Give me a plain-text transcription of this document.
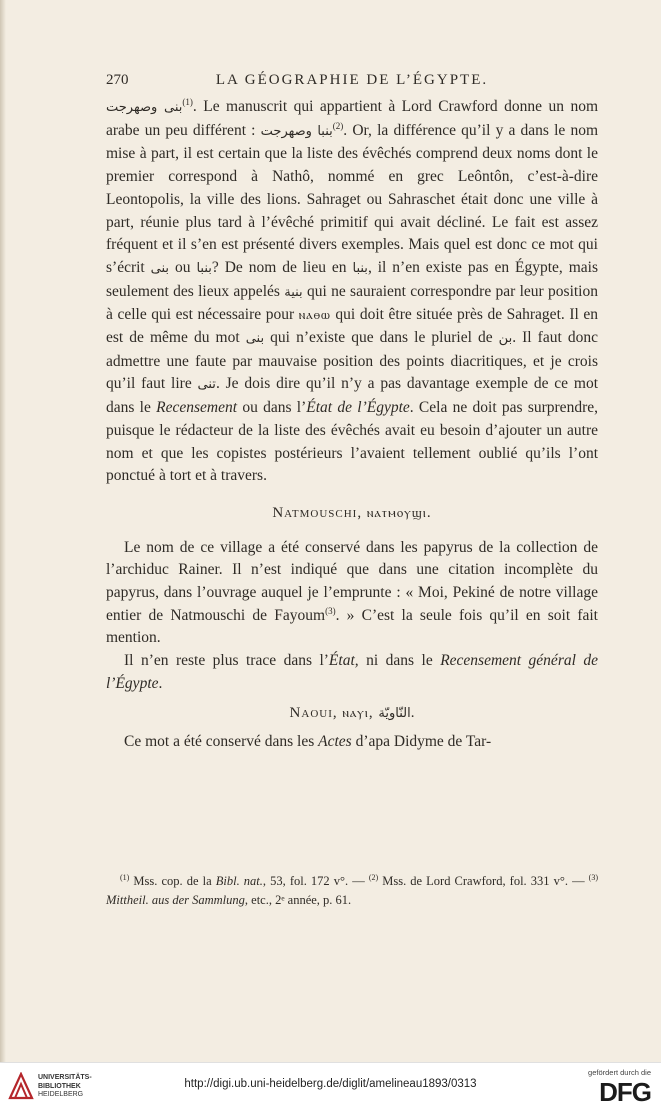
270	LA GÉOGRAPHIE DE L’ÉGYPTE.

بنى وصهرجت$^{(1)}$. Le manuscrit qui appartient à Lord Crawford donne un nom arabe un peu différent : بنبا وصهرجت$^{(2)}$. Or, la différence qu’il y a dans le nom mise à part, il est certain que la liste des évêchés comprend deux noms dont le premier correspond à Nathô, nommé en grec Leôntôn, c’est-à-dire Leontopolis, la ville des lions. Sahraget ou Sahraschet était donc une ville à part, réunie plus tard à l’évêché primitif qui avait décliné. Le fait est assez fréquent et il s’en est présenté divers exemples. Mais quel est donc ce mot qui s’écrit بنى ou بنبا? De nom de lieu en بنبا, il n’en existe pas en Égypte, mais seulement des lieux appelés بنية qui ne sauraient correspondre par leur position à celle qui est nécessaire pour ⲛⲁⲑⲱ qui doit être située près de Sahraget. Il en est de même du mot بنى qui n’existe que dans le pluriel de بن. Il faut donc admettre une faute par mauvaise position des points diacritiques, et je crois qu’il faut lire تنى. Je dois dire qu’il n’y a pas davantage exemple de ce mot dans le Recensement ou dans l’État de l’Égypte. Cela ne doit pas surprendre, puisque le rédacteur de la liste des évêchés avait eu besoin d’ajouter un autre nom et que les copistes postérieurs l’avaient tellement oublié qu’ils l’ont ponctué à tort et à travers.

Natmouschi, ⲛⲁⲧⲙⲟⲩϣⲓ.

Le nom de ce village a été conservé dans les papyrus de la collection de l’archiduc Rainer. Il n’est indiqué que dans une citation incomplète du papyrus, dans l’ouvrage auquel je l’emprunte : « Moi, Pekiné de notre village entier de Natmouschi de Fayoum$^{(3)}$. » C’est la seule fois qu’il en soit fait mention.

Il n’en reste plus trace dans l’État, ni dans le Recensement général de l’Égypte.

Naoui, ⲛⲁⲩⲓ, النّاويّة.

Ce mot a été conservé dans les Actes d’apa Didyme de Tar-

$^{(1)}$ Mss. cop. de la Bibl. nat., 53, fol. 172 v°. — $^{(2)}$ Mss. de Lord Crawford, fol. 331 v°. — $^{(3)}$ Mittheil. aus der Sammlung, etc., 2ᵉ année, p. 61.

UNIVERSITÄTS-
BIBLIOTHEK
HEIDELBERG
http://digi.ub.uni-heidelberg.de/diglit/amelineau1893/0313
gefördert durch die
DFG
